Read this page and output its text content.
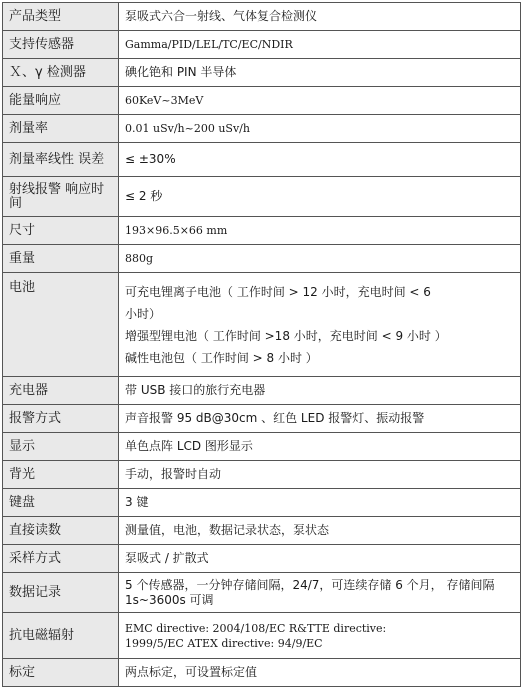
产品类型	泵吸式六合一射线、气体复合检测仪

支持传感器	Gamma/PID/LEL/TC/EC/NDIR

Ｘ、γ 检测器	碘化铯和 PIN 半导体

能量响应	60KeV~3MeV

剂量率	0.01 uSv/h~200 uSv/h

剂量率线性 误差	≤ ±30%

射线报警 响应时间	≤ 2 秒

尺寸	193×96.5×66 mm

重量	880g

电池	可充电锂离子电池（ 工作时间 > 12 小时，充电时间 < 6
小时）
增强型锂电池（ 工作时间 >18 小时，充电时间 < 9 小时 ）
碱性电池包（ 工作时间 > 8 小时 ）

充电器	带 USB 接口的旅行充电器

报警方式	声音报警 95 dB@30cm 、红色 LED 报警灯、振动报警

显示	单色点阵 LCD 图形显示

背光	手动，报警时自动

键盘	3 键

直接读数	测量值，电池，数据记录状态，泵状态

采样方式	泵吸式 / 扩散式

数据记录	5 个传感器，一分钟存储间隔，24/7，可连续存储 6 个月， 存储间隔
1s~3600s 可调

抗电磁辐射	EMC directive: 2004/108/EC R&TTE directive:
1999/5/EC ATEX directive: 94/9/EC

标定	两点标定，可设置标定值
